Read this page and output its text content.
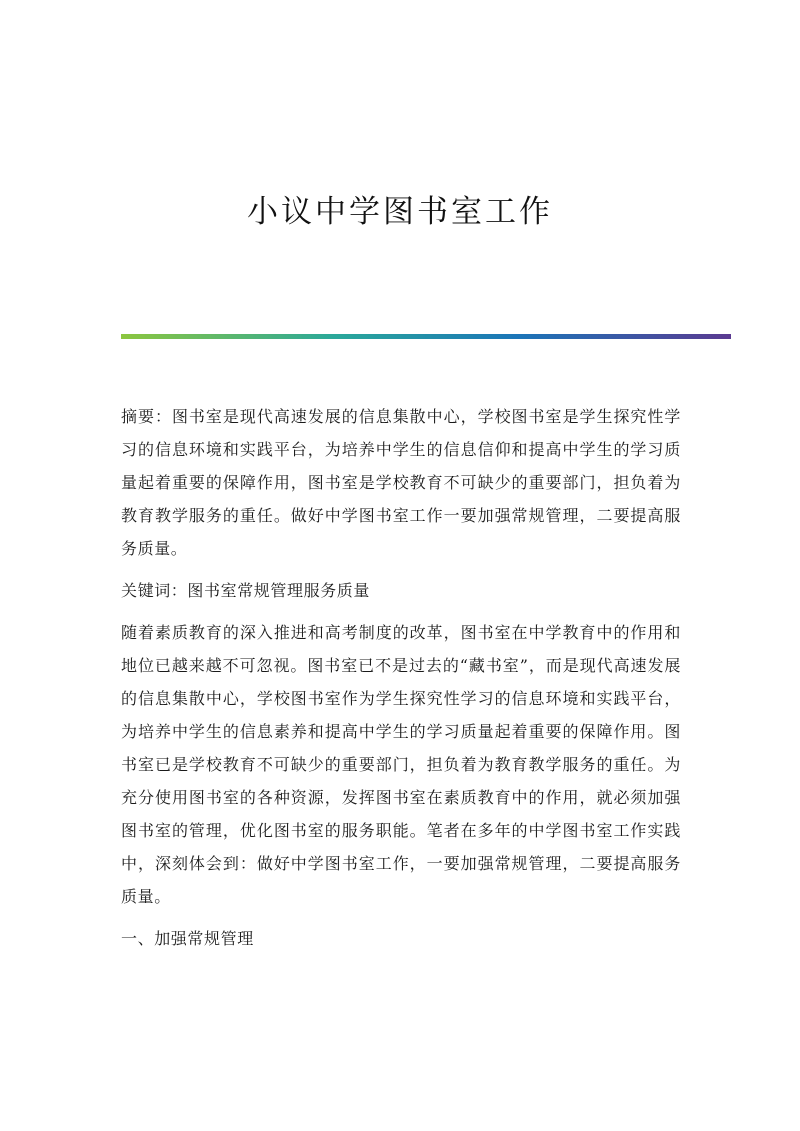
小议中学图书室工作

摘要：图书室是现代高速发展的信息集散中心，学校图书室是学生探究性学习的信息环境和实践平台，为培养中学生的信息信仰和提高中学生的学习质量起着重要的保障作用，图书室是学校教育不可缺少的重要部门，担负着为教育教学服务的重任。做好中学图书室工作一要加强常规管理，二要提高服务质量。

关键词：图书室常规管理服务质量

随着素质教育的深入推进和高考制度的改革，图书室在中学教育中的作用和地位已越来越不可忽视。图书室已不是过去的“藏书室”，而是现代高速发展的信息集散中心，学校图书室作为学生探究性学习的信息环境和实践平台，为培养中学生的信息素养和提高中学生的学习质量起着重要的保障作用。图书室已是学校教育不可缺少的重要部门，担负着为教育教学服务的重任。为充分使用图书室的各种资源，发挥图书室在素质教育中的作用，就必须加强图书室的管理，优化图书室的服务职能。笔者在多年的中学图书室工作实践中，深刻体会到：做好中学图书室工作，一要加强常规管理，二要提高服务质量。

一、加强常规管理
